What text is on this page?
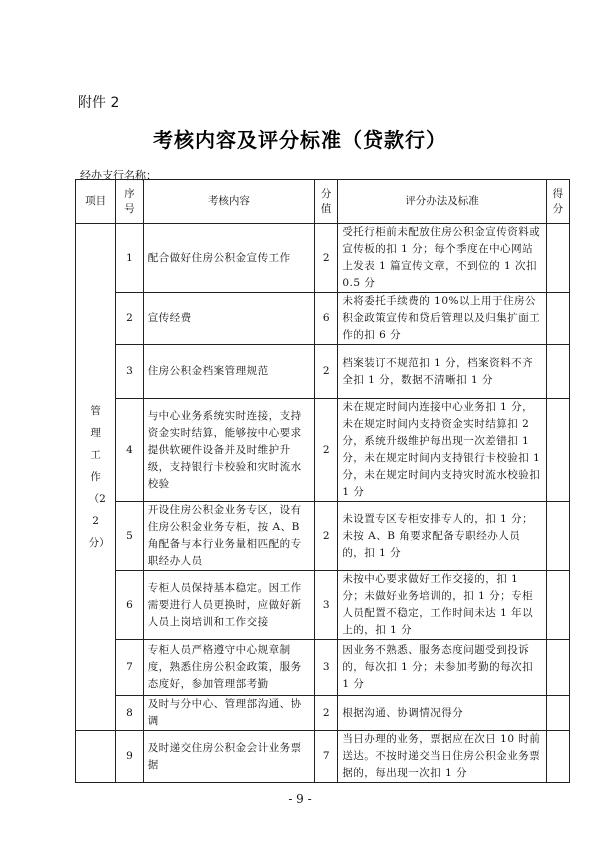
附件 2
考核内容及评分标准（贷款行）
经办支行名称：
项目	序号	考核内容	分值	评分办法及标准	得分
管理工作（22分）	1	配合做好住房公积金宣传工作	2	受托行柜前未配放住房公积金宣传资料或宣传板的扣 1 分；每个季度在中心网站上发表 1 篇宣传文章，不到位的 1 次扣 0.5 分	
	2	宣传经费	6	未将委托手续费的 10%以上用于住房公积金政策宣传和贷后管理以及归集扩面工作的扣 6 分	
	3	住房公积金档案管理规范	2	档案装订不规范扣 1 分，档案资料不齐全扣 1 分，数据不清晰扣 1 分	
	4	与中心业务系统实时连接，支持资金实时结算，能够按中心要求提供软硬件设备并及时维护升级，支持银行卡校验和灾时流水校验	2	未在规定时间内连接中心业务扣 1 分，未在规定时间内支持资金实时结算扣 2 分，系统升级维护每出现一次差错扣 1 分，未在规定时间内支持银行卡校验扣 1 分，未在规定时间内支持灾时流水校验扣 1 分	
	5	开设住房公积金业务专区，设有住房公积金业务专柜，按 A、B 角配备与本行业务量相匹配的专职经办人员	2	未设置专区专柜安排专人的，扣 1 分；未按 A、B 角要求配备专职经办人员的，扣 1 分	
	6	专柜人员保持基本稳定。因工作需要进行人员更换时，应做好新人员上岗培训和工作交接	3	未按中心要求做好工作交接的，扣 1 分；未做好业务培训的，扣 1 分；专柜人员配置不稳定，工作时间未达 1 年以上的，扣 1 分	
	7	专柜人员严格遵守中心规章制度，熟悉住房公积金政策，服务态度好，参加管理部考勤	3	因业务不熟悉、服务态度问题受到投诉的，每次扣 1 分；未参加考勤的每次扣 1 分	
	8	及时与分中心、管理部沟通、协调	2	根据沟通、协调情况得分	
	9	及时递交住房公积金会计业务票据	7	当日办理的业务，票据应在次日 10 时前送达。不按时递交当日住房公积金业务票据的，每出现一次扣 1 分	
- 9 -
